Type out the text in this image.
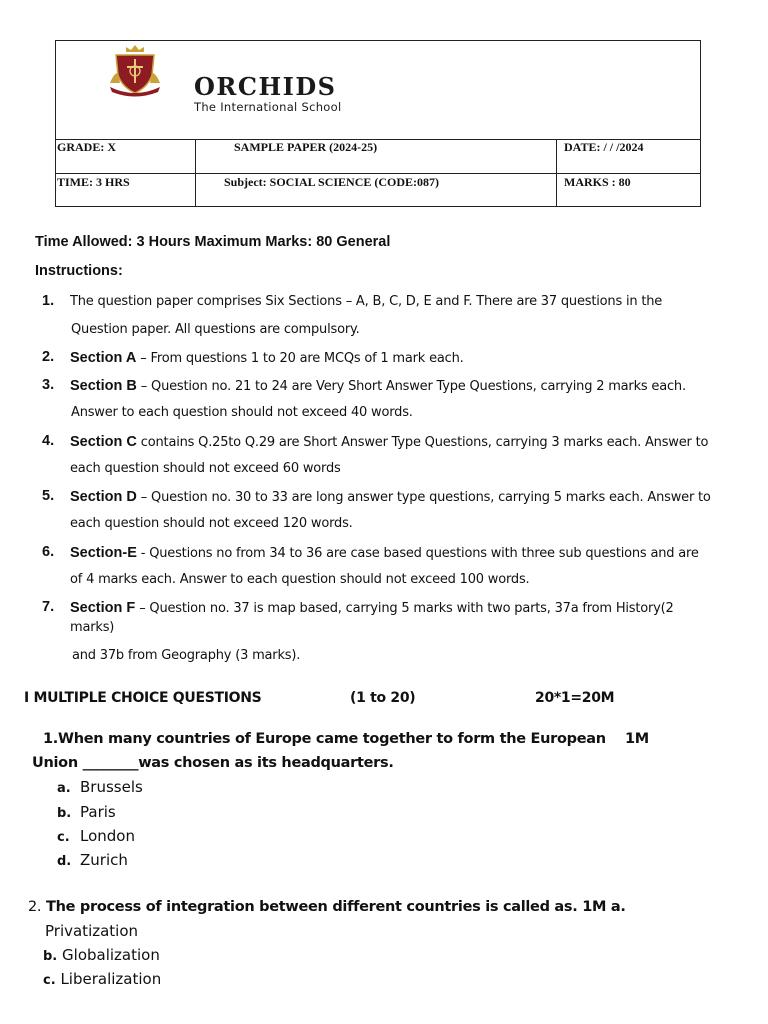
ORCHIDS
The International School
GRADE: X	SAMPLE PAPER (2024-25)	DATE: / / /2024
TIME: 3 HRS	Subject: SOCIAL SCIENCE (CODE:087)	MARKS : 80
Time Allowed: 3 Hours Maximum Marks: 80 General
Instructions:
1. The question paper comprises Six Sections – A, B, C, D, E and F. There are 37 questions in the
Question paper. All questions are compulsory.
2. Section A – From questions 1 to 20 are MCQs of 1 mark each.
3. Section B – Question no. 21 to 24 are Very Short Answer Type Questions, carrying 2 marks each.
Answer to each question should not exceed 40 words.
4. Section C contains Q.25to Q.29 are Short Answer Type Questions, carrying 3 marks each. Answer to
each question should not exceed 60 words
5. Section D – Question no. 30 to 33 are long answer type questions, carrying 5 marks each. Answer to
each question should not exceed 120 words.
6. Section-E - Questions no from 34 to 36 are case based questions with three sub questions and are
of 4 marks each. Answer to each question should not exceed 100 words.
7. Section F – Question no. 37 is map based, carrying 5 marks with two parts, 37a from History(2
marks)
and 37b from Geography (3 marks).
I MULTIPLE CHOICE QUESTIONS	(1 to 20)	20*1=20M
1.When many countries of Europe came together to form the European 1M
Union ________was chosen as its headquarters.
a. Brussels
b. Paris
c. London
d. Zurich
2. The process of integration between different countries is called as. 1M a.
Privatization
b. Globalization
c. Liberalization
